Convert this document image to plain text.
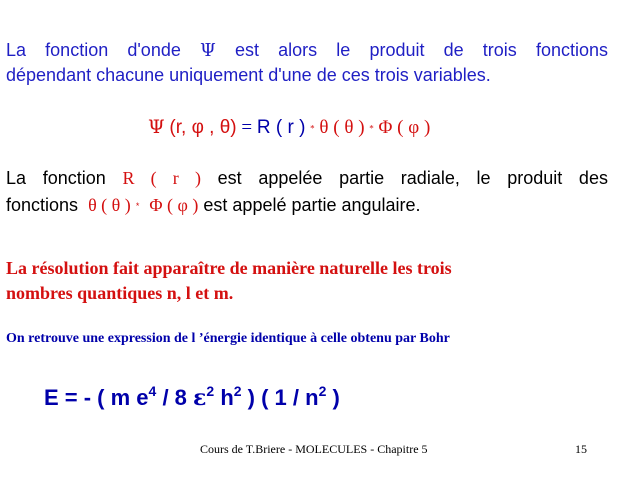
La fonction d'onde Ψ est alors le produit de trois fonctions
dépendant chacune uniquement d'une de ces trois variables.
Ψ (r, φ , θ) = R ( r ) * θ ( θ ) * Φ ( φ )
La fonction R ( r ) est appelée partie radiale, le produit des
fonctions θ ( θ ) * Φ ( φ ) est appelé partie angulaire.
La résolution fait apparaître de manière naturelle les trois
nombres quantiques n, l et m.
On retrouve une expression de l ’énergie identique à celle obtenu par Bohr
E = - ( m $e^4 / 8$ $\varepsilon^2$ $h^2$ ) ( $1 / n^2$ )
Cours de T.Briere - MOLECULES - Chapitre 5	15
